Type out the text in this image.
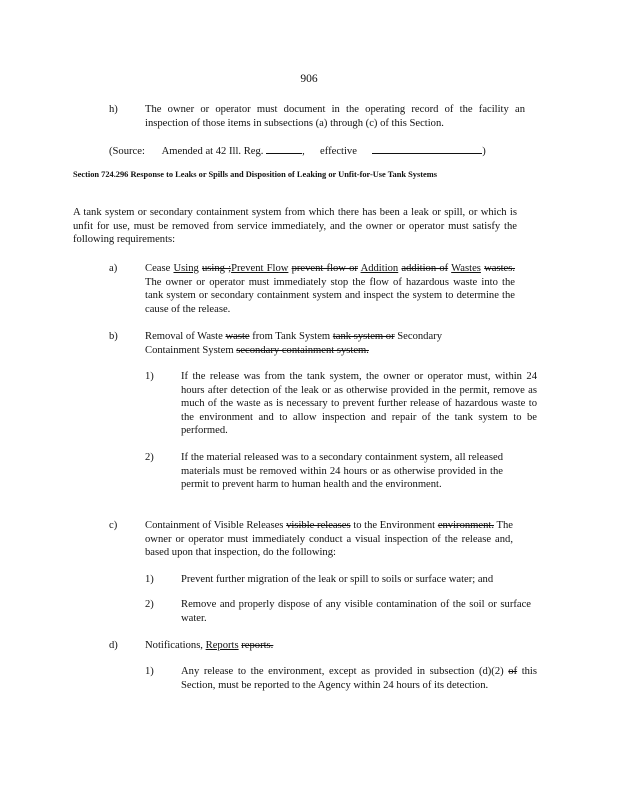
906
h)	The owner or operator must document in the operating record of the facility an inspection of those items in subsections (a) through (c) of this Section.
(Source: Amended at 42 Ill. Reg.	, effective	)
Section 724.296 Response to Leaks or Spills and Disposition of Leaking or Unfit-for-Use Tank Systems
A tank system or secondary containment system from which there has been a leak or spill, or which is unfit for use, must be removed from service immediately, and the owner or operator must satisfy the following requirements:
a)	Cease Using using ;Prevent Flow prevent flow or Addition addition of Wastes wastes. The owner or operator must immediately stop the flow of hazardous waste into the tank system or secondary containment system and inspect the system to determine the cause of the release.
b)	Removal of Waste waste from Tank System tank system or Secondary Containment System secondary containment system.
1)	If the release was from the tank system, the owner or operator must, within 24 hours after detection of the leak or as otherwise provided in the permit, remove as much of the waste as is necessary to prevent further release of hazardous waste to the environment and to allow inspection and repair of the tank system to be performed.
2)	If the material released was to a secondary containment system, all released materials must be removed within 24 hours or as otherwise provided in the permit to prevent harm to human health and the environment.
c)	Containment of Visible Releases visible releases to the Environment environment. The owner or operator must immediately conduct a visual inspection of the release and, based upon that inspection, do the following:
1)	Prevent further migration of the leak or spill to soils or surface water; and
2)	Remove and properly dispose of any visible contamination of the soil or surface water.
d)	Notifications, Reports reports.
1)	Any release to the environment, except as provided in subsection (d)(2) of this Section, must be reported to the Agency within 24 hours of its detection.
